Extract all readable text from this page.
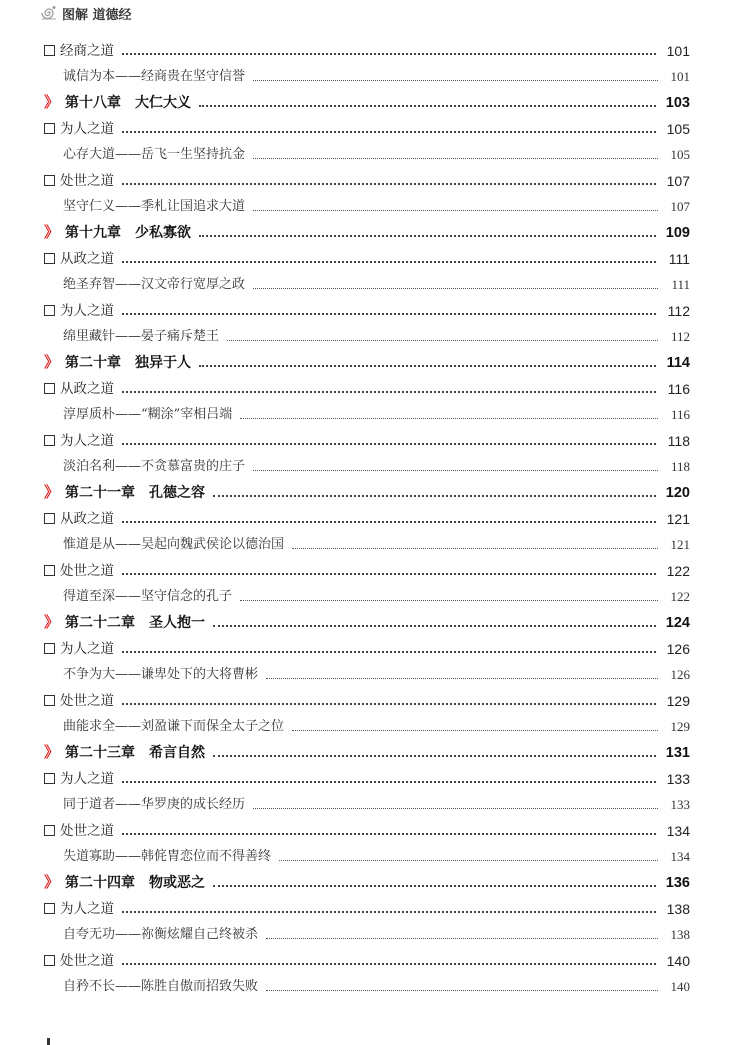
图解 道德经
经商之道	101
诚信为本——经商贵在坚守信誉	101
》 第十八章 大仁大义	103
为人之道	105
心存大道——岳飞一生坚持抗金	105
处世之道	107
坚守仁义——季札让国追求大道	107
》 第十九章 少私寡欲	109
从政之道	111
绝圣弃智——汉文帝行宽厚之政	111
为人之道	112
绵里藏针——晏子痛斥楚王	112
》 第二十章 独异于人	114
从政之道	116
淳厚质朴——“糊涂”宰相吕端	116
为人之道	118
淡泊名利——不贪慕富贵的庄子	118
》 第二十一章 孔德之容	120
从政之道	121
惟道是从——吴起向魏武侯论以德治国	121
处世之道	122
得道至深——坚守信念的孔子	122
》 第二十二章 圣人抱一	124
为人之道	126
不争为大——谦卑处下的大将曹彬	126
处世之道	129
曲能求全——刘盈谦下而保全太子之位	129
》 第二十三章 希言自然	131
为人之道	133
同于道者——华罗庚的成长经历	133
处世之道	134
失道寡助——韩侂胄恋位而不得善终	134
》 第二十四章 物或恶之	136
为人之道	138
自夸无功——祢衡炫耀自己终被杀	138
处世之道	140
自矜不长——陈胜自傲而招致失败	140
